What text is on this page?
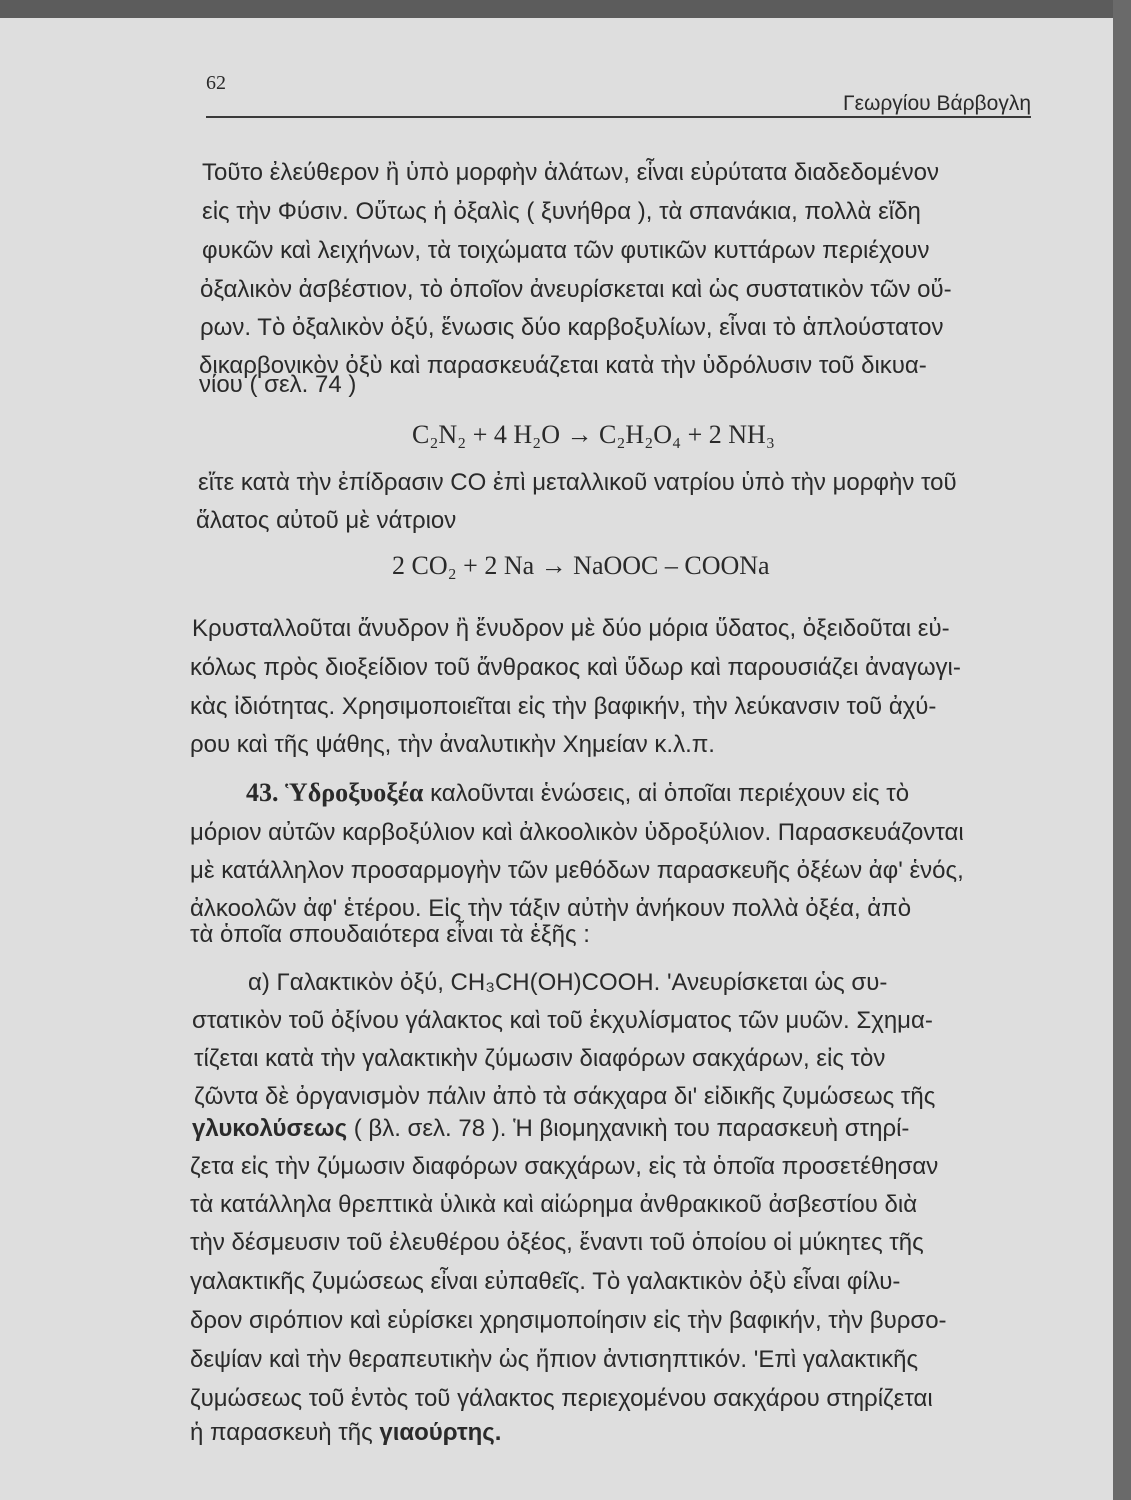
62
Γεωργίου Βάρβογλη
Τοῦτο ἐλεύθερον ἢ ὑπὸ μορφὴν ἁλάτων, εἶναι εὐρύτατα διαδεδομένον
εἰς τὴν Φύσιν. Οὕτως ἡ ὀξαλὶς ( ξυνήθρα ), τὰ σπανάκια, πολλὰ εἴδη
φυκῶν καὶ λειχήνων, τὰ τοιχώματα τῶν φυτικῶν κυττάρων περιέχουν
ὀξαλικὸν ἀσβέστιον, τὸ ὁποῖον ἀνευρίσκεται καὶ ὡς συστατικὸν τῶν οὔ-
ρων. Τὸ ὀξαλικὸν ὀξύ, ἕνωσις δύο καρβοξυλίων, εἶναι τὸ ἁπλούστατον
δικαρβονικὸν ὀξὺ καὶ παρασκευάζεται κατὰ τὴν ὑδρόλυσιν τοῦ δικυα-
νίου ( σελ. 74 )
C₂N₂ + 4 H₂O → C₂H₂O₄ + 2 NH₃
εἴτε κατὰ τὴν ἐπίδρασιν CO ἐπὶ μεταλλικοῦ νατρίου ὑπὸ τὴν μορφὴν τοῦ
ἅλατος αὐτοῦ μὲ νάτριον
2 CO₂ + 2 Na → NaOOC – COONa
Κρυσταλλοῦται ἄνυδρον ἢ ἔνυδρον μὲ δύο μόρια ὕδατος, ὀξειδοῦται εὐ-
κόλως πρὸς διοξείδιον τοῦ ἄνθρακος καὶ ὕδωρ καὶ παρουσιάζει ἀναγωγι-
κὰς ἰδιότητας. Χρησιμοποιεῖται εἰς τὴν βαφικήν, τὴν λεύκανσιν τοῦ ἀχύ-
ρου καὶ τῆς ψάθης, τὴν ἀναλυτικὴν Χημείαν κ.λ.π.
43. Ὑδροξυοξέα καλοῦνται ἑνώσεις, αἱ ὁποῖαι περιέχουν εἰς τὸ
μόριον αὐτῶν καρβοξύλιον καὶ ἀλκοολικὸν ὑδροξύλιον. Παρασκευάζονται
μὲ κατάλληλον προσαρμογὴν τῶν μεθόδων παρασκευῆς ὀξέων ἀφ' ἑνός,
ἀλκοολῶν ἀφ' ἑτέρου. Εἰς τὴν τάξιν αὐτὴν ἀνήκουν πολλὰ ὀξέα, ἀπὸ
τὰ ὁποῖα σπουδαιότερα εἶναι τὰ ἑξῆς :
α) Γαλακτικὸν ὀξύ, CH₃CH(OH)COOH. 'Ανευρίσκεται ὡς συ-
στατικὸν τοῦ ὀξίνου γάλακτος καὶ τοῦ ἐκχυλίσματος τῶν μυῶν. Σχημα-
τίζεται κατὰ τὴν γαλακτικὴν ζύμωσιν διαφόρων σακχάρων, εἰς τὸν
ζῶντα δὲ ὀργανισμὸν πάλιν ἀπὸ τὰ σάκχαρα δι' εἰδικῆς ζυμώσεως τῆς
γλυκολύσεως ( βλ. σελ. 78 ). Ἡ βιομηχανικὴ του παρασκευὴ στηρί-
ζετα εἰς τὴν ζύμωσιν διαφόρων σακχάρων, εἰς τὰ ὁποῖα προσετέθησαν
τὰ κατάλληλα θρεπτικὰ ὑλικὰ καὶ αἰώρημα ἀνθρακικοῦ ἀσβεστίου διὰ
τὴν δέσμευσιν τοῦ ἐλευθέρου ὀξέος, ἔναντι τοῦ ὁποίου οἱ μύκητες τῆς
γαλακτικῆς ζυμώσεως εἶναι εὐπαθεῖς. Τὸ γαλακτικὸν ὀξὺ εἶναι φίλυ-
δρον σιρόπιον καὶ εὑρίσκει χρησιμοποίησιν εἰς τὴν βαφικήν, τὴν βυρσο-
δεψίαν καὶ τὴν θεραπευτικὴν ὡς ἤπιον ἀντισηπτικόν. 'Επὶ γαλακτικῆς
ζυμώσεως τοῦ ἐντὸς τοῦ γάλακτος περιεχομένου σακχάρου στηρίζεται
ἡ παρασκευὴ τῆς γιαούρτης.
